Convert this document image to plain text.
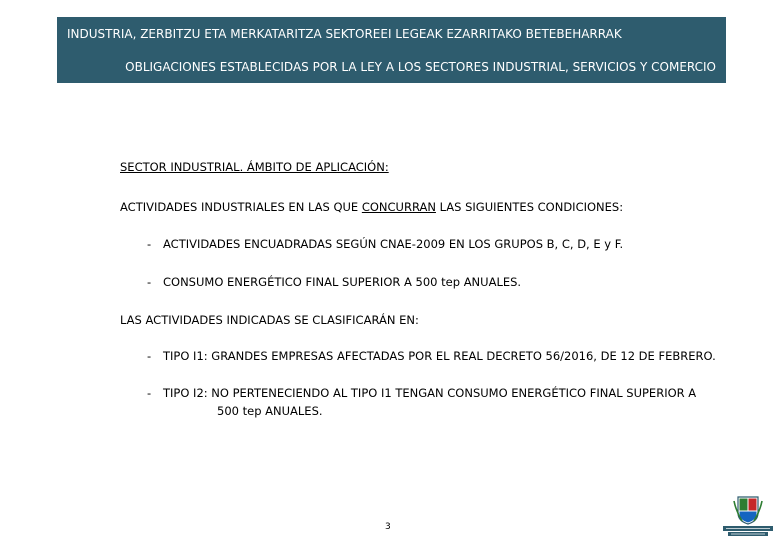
INDUSTRIA, ZERBITZU ETA MERKATARITZA SEKTOREEI LEGEAK EZARRITAKO BETEBEHARRAK
OBLIGACIONES ESTABLECIDAS POR LA LEY A LOS SECTORES INDUSTRIAL, SERVICIOS Y COMERCIO
SECTOR INDUSTRIAL. ÁMBITO DE APLICACIÓN:
ACTIVIDADES INDUSTRIALES EN LAS QUE CONCURRAN LAS SIGUIENTES CONDICIONES:
- ACTIVIDADES ENCUADRADAS SEGÚN CNAE-2009 EN LOS GRUPOS B, C, D, E y F.
- CONSUMO ENERGÉTICO FINAL SUPERIOR A 500 tep ANUALES.
LAS ACTIVIDADES INDICADAS SE CLASIFICARÁN EN:
- TIPO I1: GRANDES EMPRESAS AFECTADAS POR EL REAL DECRETO 56/2016, DE 12 DE FEBRERO.
- TIPO I2: NO PERTENECIENDO AL TIPO I1 TENGAN CONSUMO ENERGÉTICO FINAL SUPERIOR A
500 tep ANUALES.
3
